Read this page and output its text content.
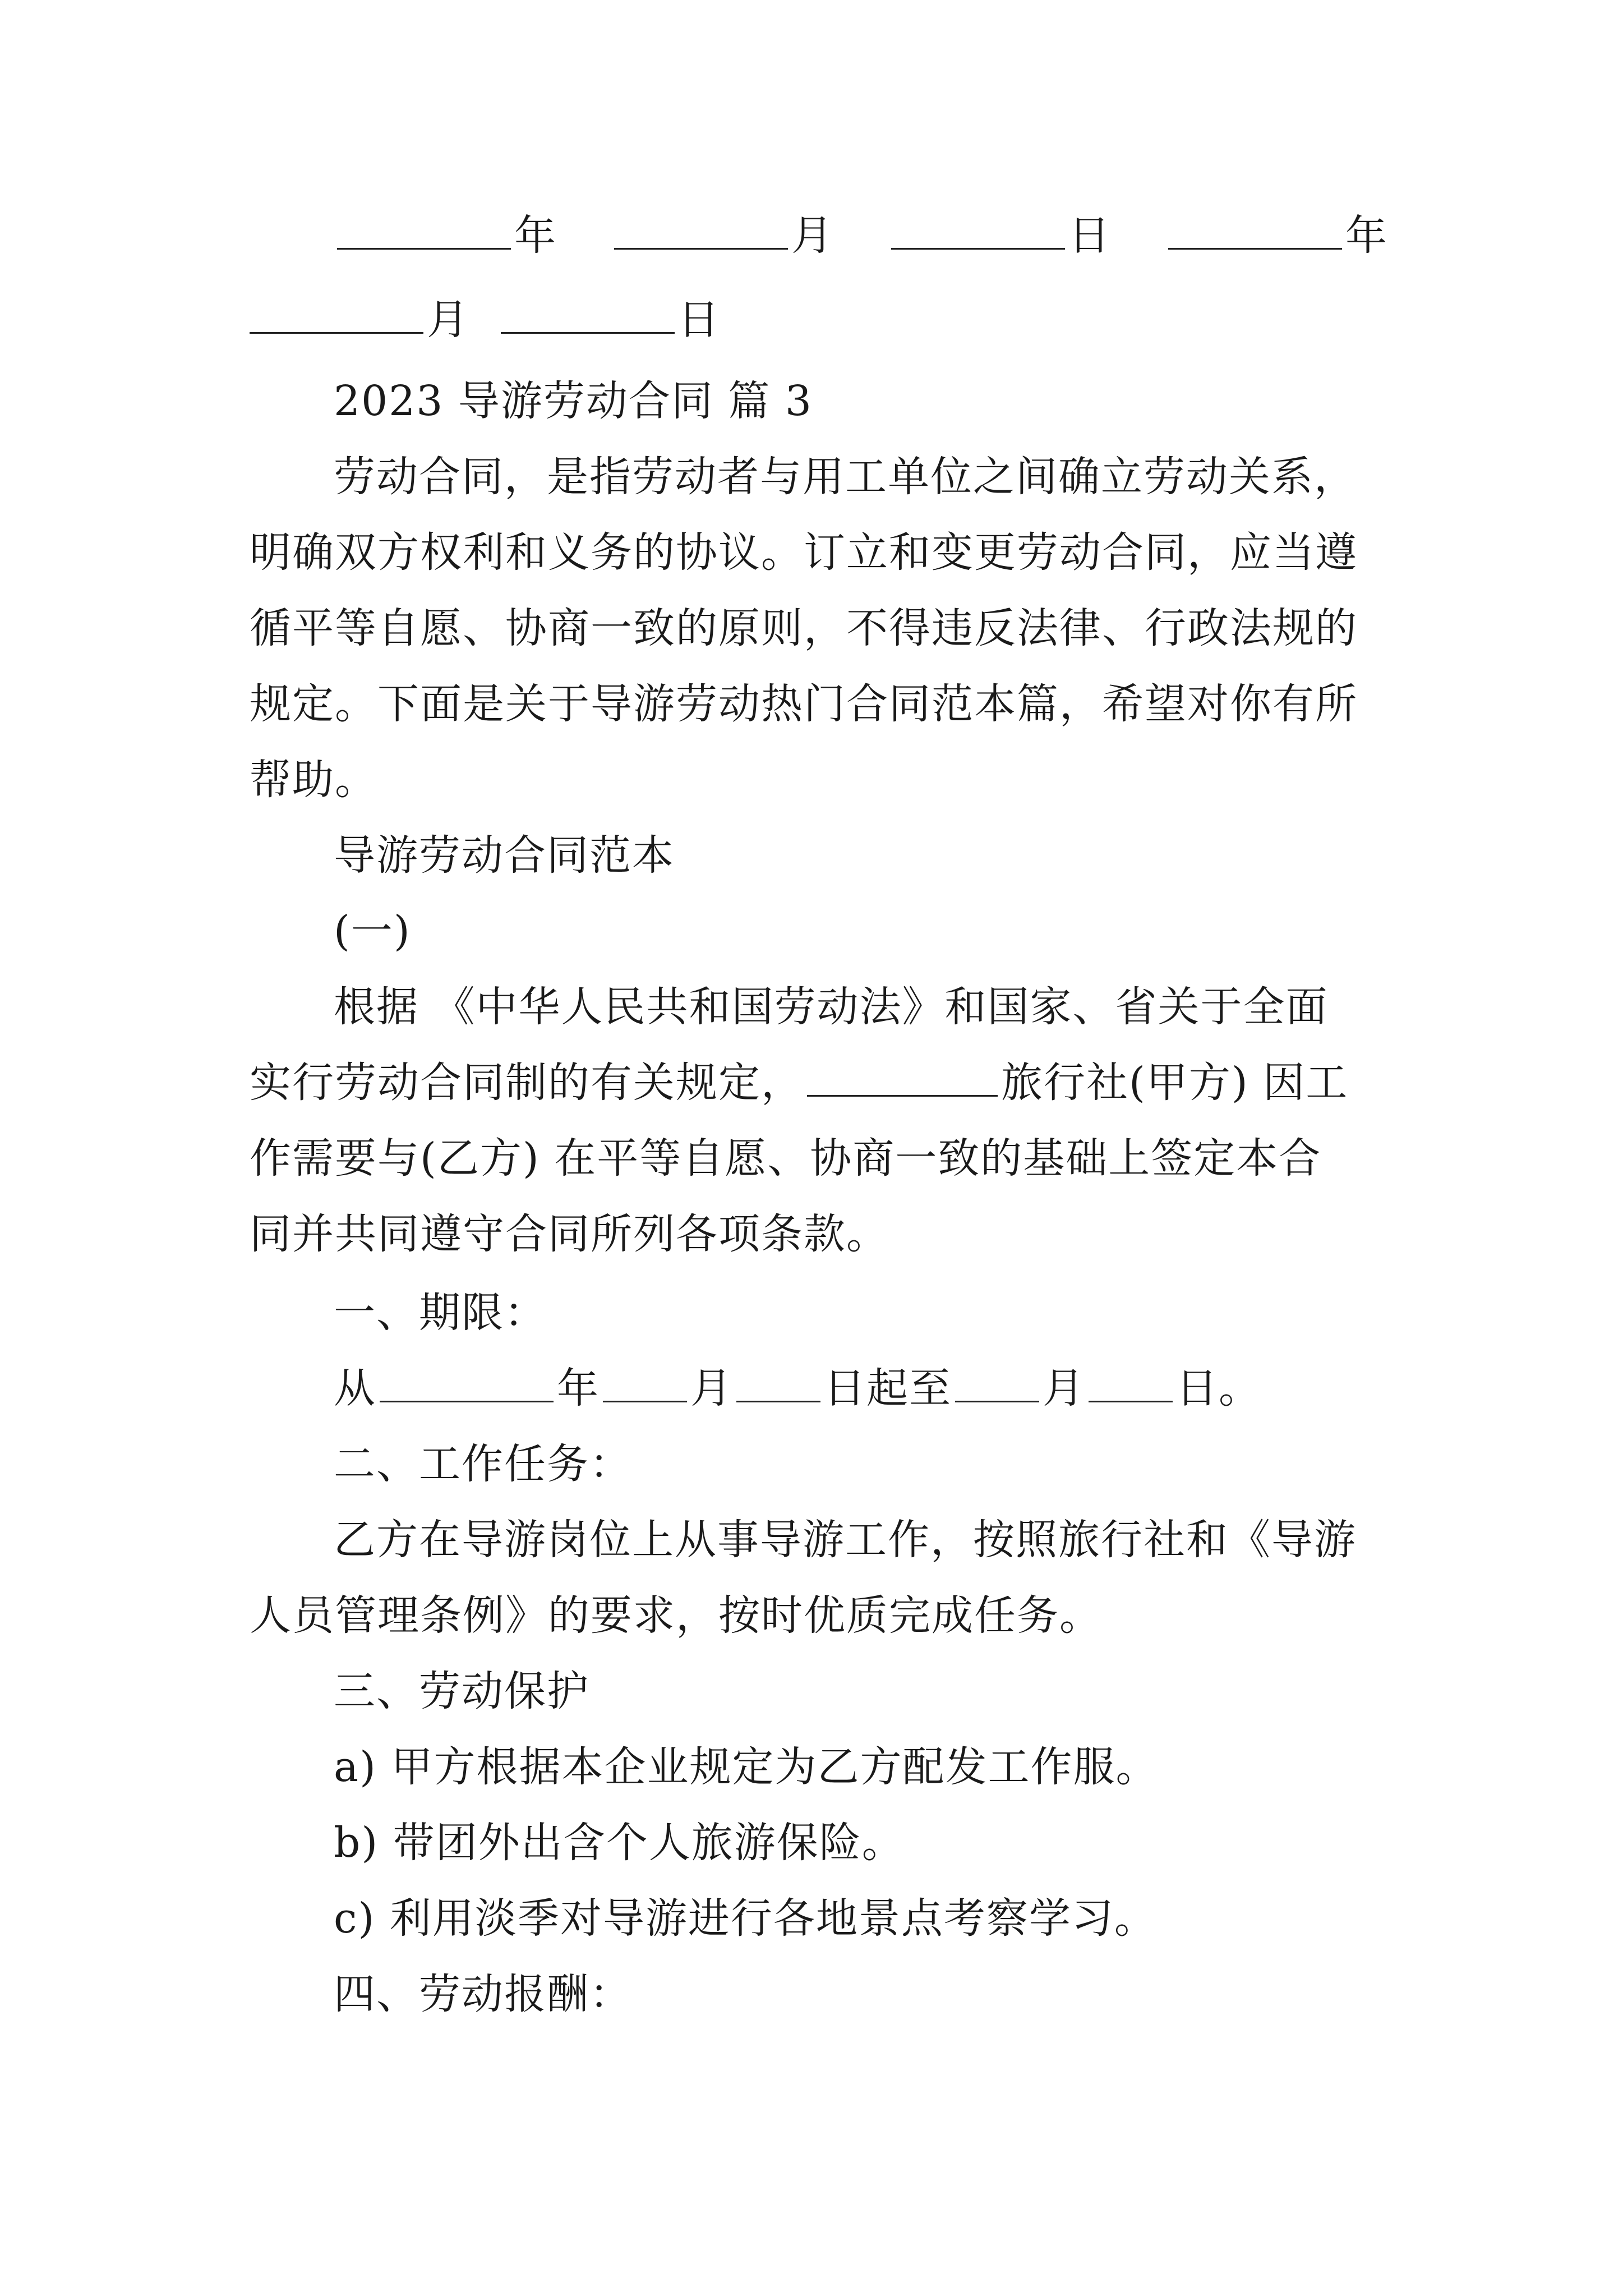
年	月	日	年
月	日
2023 导游劳动合同 篇 3
劳动合同，是指劳动者与用工单位之间确立劳动关系，
明确双方权利和义务的协议。订立和变更劳动合同，应当遵
循平等自愿、协商一致的原则，不得违反法律、行政法规的
规定。下面是关于导游劳动热门合同范本篇，希望对你有所
帮助。
导游劳动合同范本
(一)
根据 《中华人民共和国劳动法》和国家、省关于全面
实行劳动合同制的有关规定，	旅行社(甲方) 因工
作需要与(乙方) 在平等自愿、协商一致的基础上签定本合
同并共同遵守合同所列各项条款。
一、期限：
从	年 月 日起至 月 日。
二、工作任务：
乙方在导游岗位上从事导游工作，按照旅行社和《导游
人员管理条例》的要求，按时优质完成任务。
三、劳动保护
a) 甲方根据本企业规定为乙方配发工作服。
b) 带团外出含个人旅游保险。
c) 利用淡季对导游进行各地景点考察学习。
四、劳动报酬：
